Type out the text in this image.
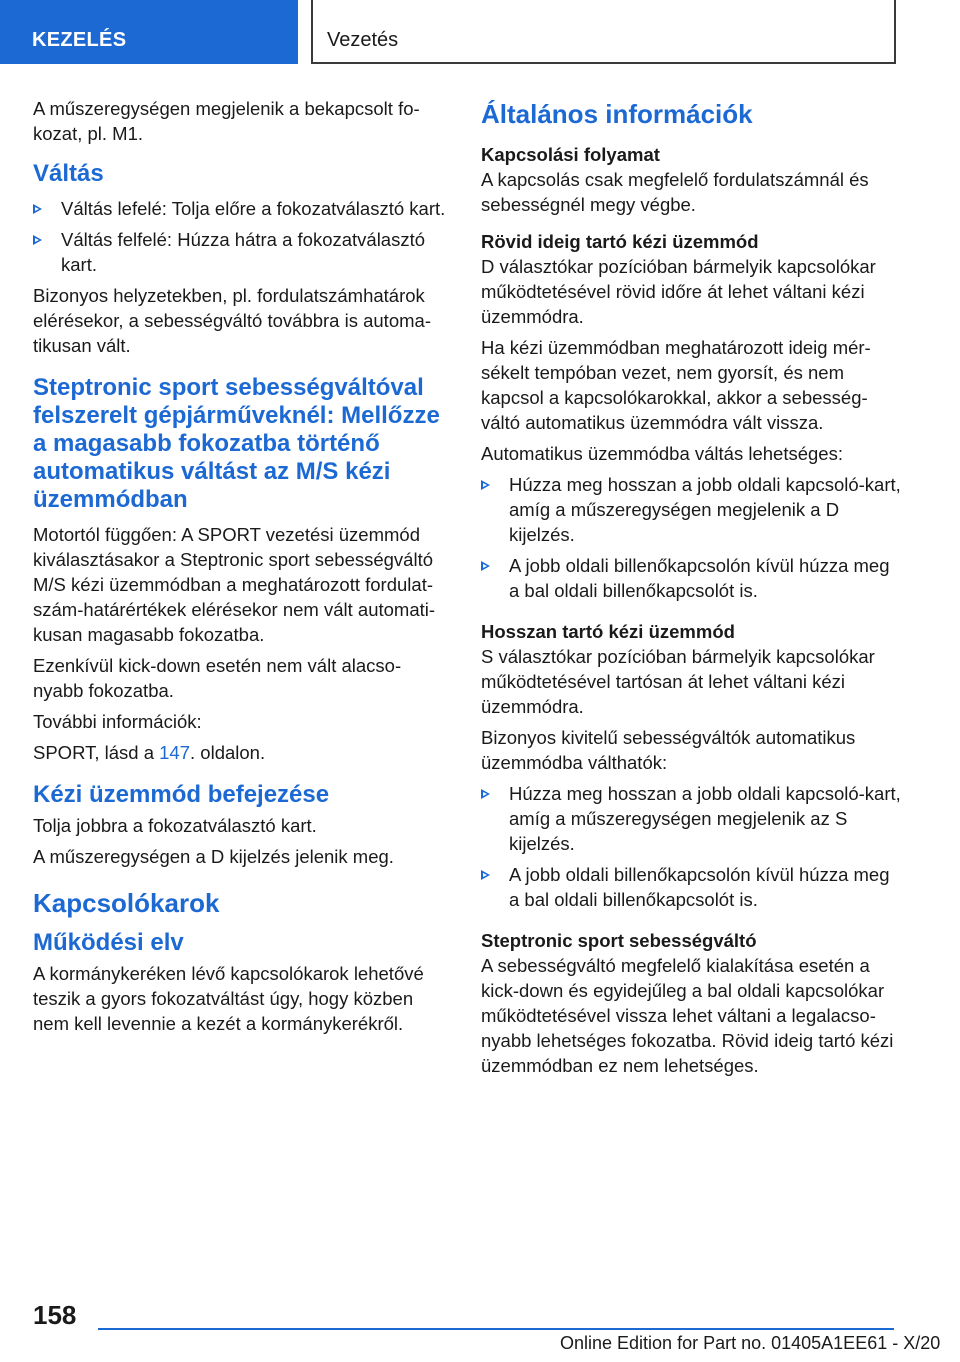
KEZELÉS	Vezetés

A műszeregységen megjelenik a bekapcsolt fo-kozat, pl. M1.

Váltás
Váltás lefelé: Tolja előre a fokozatválasztó kart.
Váltás felfelé: Húzza hátra a fokozatválasztó kart.

Bizonyos helyzetekben, pl. fordulatszámhatárok elérésekor, a sebességváltó továbbra is automa-tikusan vált.

Steptronic sport sebességváltóval felszerelt gépjárműveknél: Mellőzze a magasabb fokozatba történő automatikus váltást az M/S kézi üzemmódban

Motortól függően: A SPORT vezetési üzemmód kiválasztásakor a Steptronic sport sebességváltó M/S kézi üzemmódban a meghatározott fordulat-szám-határértékek elérésekor nem vált automati-kusan magasabb fokozatba.

Ezenkívül kick-down esetén nem vált alacso-nyabb fokozatba.

További információk:

SPORT, lásd a 147. oldalon.

Kézi üzemmód befejezése

Tolja jobbra a fokozatválasztó kart.

A műszeregységen a D kijelzés jelenik meg.

Kapcsolókarok
Működési elv

A kormánykeréken lévő kapcsolókarok lehetővé teszik a gyors fokozatváltást úgy, hogy közben nem kell levennie a kezét a kormánykerékről.

Általános információk
Kapcsolási folyamat

A kapcsolás csak megfelelő fordulatszámnál és sebességnél megy végbe.

Rövid ideig tartó kézi üzemmód

D választókar pozícióban bármelyik kapcsolókar működtetésével rövid időre át lehet váltani kézi üzemmódra.

Ha kézi üzemmódban meghatározott ideig mér-sékelt tempóban vezet, nem gyorsít, és nem kapcsol a kapcsolókarokkal, akkor a sebesség-váltó automatikus üzemmódra vált vissza.

Automatikus üzemmódba váltás lehetséges:

Húzza meg hosszan a jobb oldali kapcsoló-kart, amíg a műszeregységen megjelenik a D kijelzés.
A jobb oldali billenőkapcsolón kívül húzza meg a bal oldali billenőkapcsolót is.
Hosszan tartó kézi üzemmód

S választókar pozícióban bármelyik kapcsolókar működtetésével tartósan át lehet váltani kézi üzemmódra.

Bizonyos kivitelű sebességváltók automatikus üzemmódba válthatók:

Húzza meg hosszan a jobb oldali kapcsoló-kart, amíg a műszeregységen megjelenik az S kijelzés.
A jobb oldali billenőkapcsolón kívül húzza meg a bal oldali billenőkapcsolót is.
Steptronic sport sebességváltó

A sebességváltó megfelelő kialakítása esetén a kick-down és egyidejűleg a bal oldali kapcsolókar működtetésével vissza lehet váltani a legalacso-nyabb lehetséges fokozatba. Rövid ideig tartó kézi üzemmódban ez nem lehetséges.

158
Online Edition for Part no. 01405A1EE61 - X/20
